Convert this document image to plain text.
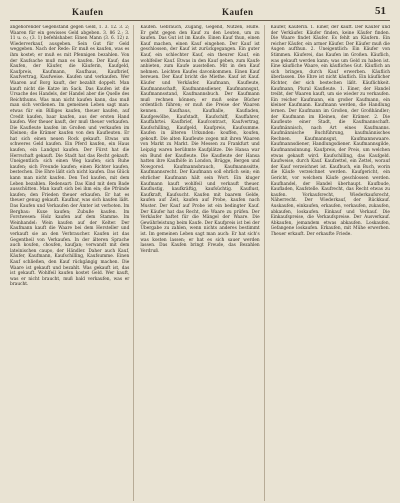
Kaufen	Kaufen	51

angehörender Gegenstand gegen Geld, 1. 3. 12. 3. 2; Waaren für ein gewisses Geld abgeben. 3. 86 2.; 3. 11 u. o.; (3. 1) befehlshaber. Einen Mann (3. 6. 12) z. Wiederverkauf, ausgeben. Sein Gut für Geld weggeben. Nach der Rede: Er muß es kaufen, was es ihm kostet; er muß es mit Pfennigen bezahlen. Von der Kaufsache muß man es kaufen. Der Kauf; das Kaufen, der Käufer, die Käuferin, Kaufgeld, Kaufpreis, Kaufmann, Kaufhaus, Kaufbrief, Kaufvertrag, Kaufweise. Kaufen und verkaufen. Wer Waaren auf Borg kauft, der bezahlt doppelt. Man kauft nicht die Katze im Sack. Das Kaufen ist die Ursache des Handels, der Handel aber die Quelle des Reichthums. Was man nicht kaufen kann, das muß man sich verdienen. Im gemeinen Leben sagt man: etwas für ein Billiges kaufen, theuer kaufen, auf Credit kaufen, baar kaufen, aus der ersten Hand kaufen. Wer theuer kauft, der muß theuer verkaufen. Die Kaufleute kaufen im Großen und verkaufen im Kleinen; die Krämer kaufen von den Kaufleuten. Er hat sich einen neuen Rock gekauft. Etwas um schweres Geld kaufen. Ein Pferd kaufen, ein Haus kaufen, ein Landgut kaufen. Der Fürst hat die Herrschaft gekauft. Die Stadt hat das Recht gekauft. Uneigentlich: sich einen Weg kaufen; sich Ruhe kaufen; sich Freunde kaufen; einen Richter kaufen, bestechen. Die Ehre läßt sich nicht kaufen. Das Glück kann man nicht kaufen. Den Tod kaufen, mit dem Leben bezahlen. Redensart: Das Kind mit dem Bade ausschütten. Man kauft sich bei ihm ein; die Pfründe kaufen; den Frieden theuer erkaufen. Er hat es theuer genug gekauft. Kaufbar, was sich kaufen läßt. Das Kaufen und Verkaufen der Ämter ist verboten. Im Bergbau: Kuxe kaufen; Zubuße kaufen. Im Forstwesen: Holz kaufen auf dem Stamme. Im Weinhandel: Wein kaufen auf der Kelter. Der Kaufmann kauft die Waare bei dem Hersteller und verkauft sie an den Verbraucher. Kaufen ist das Gegentheil von Verkaufen. In der älteren Sprache auch koufen, choufen, kaufjan; verwandt mit dem lateinischen caupo, der Händler. Daher auch Kauf, Käufer, Kaufmann, Kaufschilling, Kaufsumme. Einen Kauf schließen, den Kauf rückgängig machen. Die Waare ist gekauft und bezahlt. Was gekauft ist, das ist gekauft. Wohlfeil kaufen kostet Geld. Wer kauft, was er nicht braucht, muß bald verkaufen, was er braucht.

Kaufen. Gebrauch, Zugang, Gegend, Nutzen, Hülfe. Er geht gegen den Kauf zu den Leuten, um zu kaufen. Das Gut ist im Kaufe. Einen Kauf thun, einen Kauf machen, einen Kauf eingehen. Der Kauf ist geschlossen, der Kauf ist zurückgegangen. Ein guter Kauf, ein schlechter Kauf, ein theurer Kauf, ein wohlfeiler Kauf. Etwas in den Kauf geben, zum Kaufe anbieten, zum Kaufe ausstellen. Mit in den Kauf nehmen. Leichten Kaufes davonkommen. Einen Kauf bereuen. Der Kauf bricht die Miethe. Kauf ist Kauf. Käufer und Verkäufer. Kaufmann, Kaufleute, Kaufmannschaft, Kaufmannsdiener, Kaufmannsgut, Kaufmannsstand, Kaufmannsbuch. Der Kaufmann muß rechnen können; er muß seine Bücher ordentlich führen; er muß die Preise der Waaren kennen. Kaufhaus, Kaufhalle, Kaufladen, Kaufgewölbe, Kaufstadt, Kaufschiff, Kauffahrer, Kauffahrtei. Kaufbrief, Kaufcontract, Kaufvertrag, Kaufschilling, Kaufgeld, Kaufpreis, Kaufsumme. Kaufen in älteren Urkunden: kouffen, koufen, gekouft. Die alten Kaufleute zogen mit ihren Waaren von Markt zu Markt. Die Messen zu Frankfurt und Leipzig waren berühmte Kaufplätze. Die Hansa war ein Bund der Kaufleute. Die Kaufleute der Hansa hatten ihre Kaufhöfe in London, Brügge, Bergen und Nowgorod. Kaufmannsbrauch, Kaufmannssitte, Kaufmannsrecht. Der Kaufmann soll ehrlich sein; ein ehrlicher Kaufmann hält sein Wort. Ein kluger Kaufmann kauft wohlfeil und verkauft theuer. Kauflustig, kaufkräftig, kaufsüchtig. Kauflust, Kaufkraft, Kaufsucht. Kaufen mit baarem Gelde, kaufen auf Zeit, kaufen auf Probe, kaufen nach Muster. Der Kauf auf Probe ist ein bedingter Kauf. Der Käufer hat das Recht, die Waare zu prüfen. Der Verkäufer haftet für die Mängel der Waare. Die Gewährleistung beim Kaufe. Der Kaufpreis ist bei der Übergabe zu zahlen, wenn nichts anderes bestimmt ist. Im gemeinen Leben sagt man auch: Er hat sich's was kosten lassen; er hat es sich sauer werden lassen. Das Kaufen bringt Freude, das Bezahlen Verdruß.

Käufer, Käuferin. 1. Einer, der kauft. Der Käufer und der Verkäufer. Käufer finden, keine Käufer finden. Die Waare findet Käufer. Es fehlt an Käufern. Ein reicher Käufer, ein armer Käufer. Der Käufer muß die Augen aufthun. 2. Uneigentlich: Ein Käufer von Stimmen. Käuferei, das Kaufen im Großen. Käuflich, was gekauft werden kann; was um Geld zu haben ist. Eine käufliche Waare, ein käufliches Gut. Käuflich an sich bringen, durch Kauf erwerben. Käuflich überlassen. Die Ehre ist nicht käuflich. Ein käuflicher Richter, der sich bestechen läßt. Käuflichkeit. Kaufmann, Plural Kaufleute. 1. Einer, der Handel treibt, der Waaren kauft, um sie wieder zu verkaufen. Ein reicher Kaufmann, ein großer Kaufmann, ein kleiner Kaufmann. Kaufmann werden, die Handlung lernen. Der Kaufmann im Großen, der Großhändler; der Kaufmann im Kleinen, der Krämer. 2. Die Kaufleute einer Stadt, die Kaufmannschaft. Kaufmännisch, nach Art eines Kaufmanns. Kaufmännische Buchführung, kaufmännisches Rechnen. Kaufmannsgut, Kaufmannswaare. Kaufmannsdiener, Handlungsdiener. Kaufmannsgilde, Kaufmannsinnung. Kaufpreis, der Preis, um welchen etwas gekauft wird. Kaufschilling, das Kaufgeld. Kaufweise, durch Kauf. Kaufzettel, ein Zettel, worauf der Kauf verzeichnet ist. Kaufbuch, ein Buch, worin die Käufe verzeichnet werden. Kaufgericht, ein Gericht, vor welchem Käufe geschlossen werden. Kaufhandel, der Handel überhaupt. Kaufbude, Kaufladen, Kaufstelle. Kaufrecht, das Recht etwas zu kaufen. Vorkaufsrecht, Wiederkaufsrecht, Näherrecht. Der Wiederkauf, der Rückkauf. Auskaufen, einkaufen, erkaufen, verkaufen, zukaufen, abkaufen, loskaufen. Einkauf und Verkauf. Die Einkaufspreise, die Verkaufspreise. Der Ausverkauf. Abkaufen, jemandem etwas abkaufen. Loskaufen, Gefangene loskaufen. Erkaufen, mit Mühe erwerben. Theuer erkauft. Der erkaufte Friede.
